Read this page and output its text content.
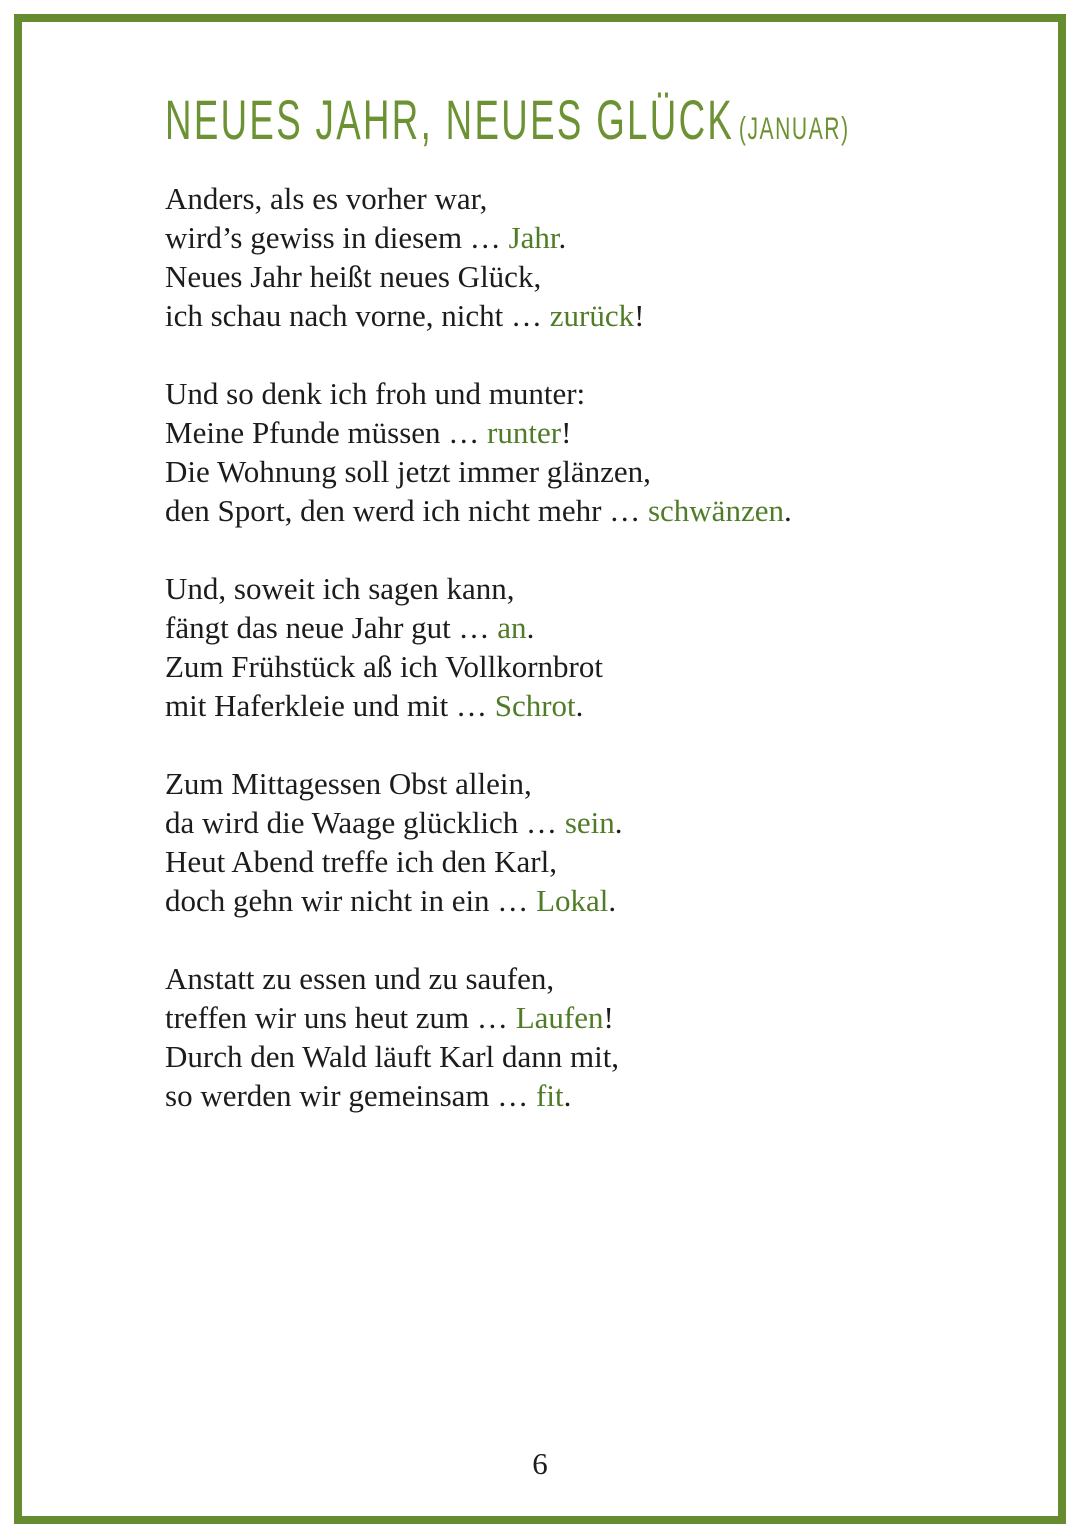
NEUES JAHR, NEUES GLÜCK (JANUAR)
Anders, als es vorher war,
wird’s gewiss in diesem … Jahr.
Neues Jahr heißt neues Glück,
ich schau nach vorne, nicht … zurück!
Und so denk ich froh und munter:
Meine Pfunde müssen … runter!
Die Wohnung soll jetzt immer glänzen,
den Sport, den werd ich nicht mehr … schwänzen.
Und, soweit ich sagen kann,
fängt das neue Jahr gut … an.
Zum Frühstück aß ich Vollkornbrot
mit Haferkleie und mit … Schrot.
Zum Mittagessen Obst allein,
da wird die Waage glücklich … sein.
Heut Abend treffe ich den Karl,
doch gehn wir nicht in ein … Lokal.
Anstatt zu essen und zu saufen,
treffen wir uns heut zum … Laufen!
Durch den Wald läuft Karl dann mit,
so werden wir gemeinsam … fit.
6
